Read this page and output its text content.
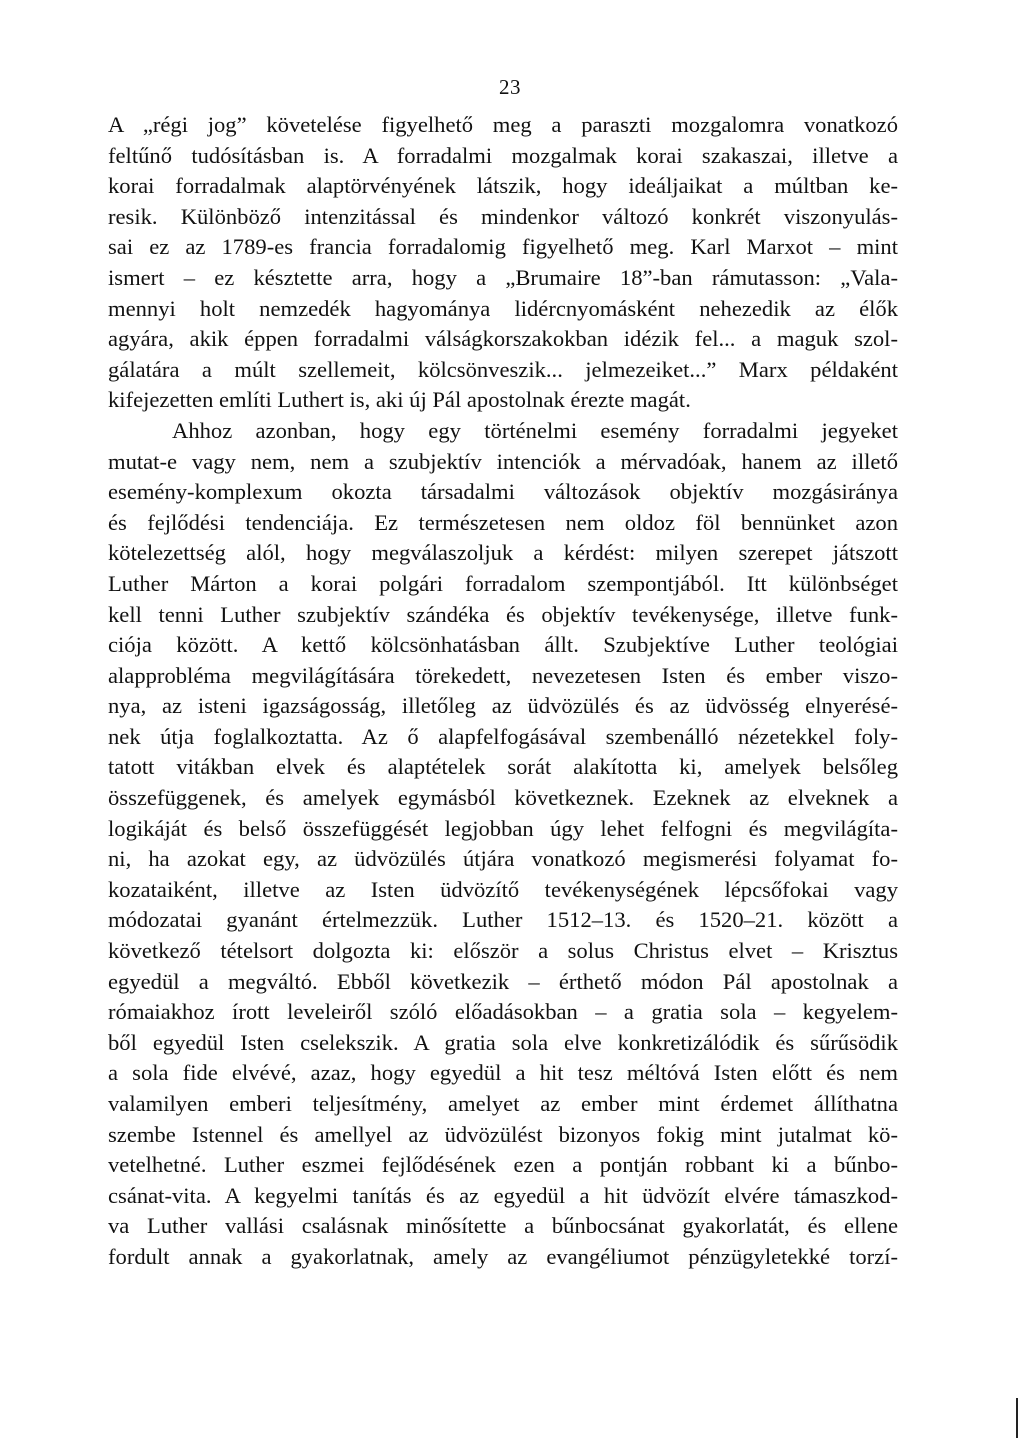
23
A „régi jog” követelése figyelhető meg a paraszti mozgalomra vonatkozó
feltűnő tudósításban is. A forradalmi mozgalmak korai szakaszai, illetve a
korai forradalmak alaptörvényének látszik, hogy ideáljaikat a múltban ke-
resik. Különböző intenzitással és mindenkor változó konkrét viszonyulás-
sai ez az 1789-es francia forradalomig figyelhető meg. Karl Marxot – mint
ismert – ez késztette arra, hogy a „Brumaire 18”-ban rámutasson: „Vala-
mennyi holt nemzedék hagyománya lidércnyomásként nehezedik az élők
agyára, akik éppen forradalmi válságkorszakokban idézik fel... a maguk szol-
gálatára a múlt szellemeit, kölcsönveszik... jelmezeiket...” Marx példaként
kifejezetten említi Luthert is, aki új Pál apostolnak érezte magát.
Ahhoz azonban, hogy egy történelmi esemény forradalmi jegyeket
mutat-e vagy nem, nem a szubjektív intenciók a mérvadóak, hanem az illető
esemény-komplexum okozta társadalmi változások objektív mozgásiránya
és fejlődési tendenciája. Ez természetesen nem oldoz föl bennünket azon
kötelezettség alól, hogy megválaszoljuk a kérdést: milyen szerepet játszott
Luther Márton a korai polgári forradalom szempontjából. Itt különbséget
kell tenni Luther szubjektív szándéka és objektív tevékenysége, illetve funk-
ciója között. A kettő kölcsönhatásban állt. Szubjektíve Luther teológiai
alapprobléma megvilágítására törekedett, nevezetesen Isten és ember viszo-
nya, az isteni igazságosság, illetőleg az üdvözülés és az üdvösség elnyerésé-
nek útja foglalkoztatta. Az ő alapfelfogásával szembenálló nézetekkel foly-
tatott vitákban elvek és alaptételek sorát alakította ki, amelyek belsőleg
összefüggenek, és amelyek egymásból következnek. Ezeknek az elveknek a
logikáját és belső összefüggését legjobban úgy lehet felfogni és megvilágíta-
ni, ha azokat egy, az üdvözülés útjára vonatkozó megismerési folyamat fo-
kozataiként, illetve az Isten üdvözítő tevékenységének lépcsőfokai vagy
módozatai gyanánt értelmezzük. Luther 1512–13. és 1520–21. között a
következő tételsort dolgozta ki: először a solus Christus elvet – Krisztus
egyedül a megváltó. Ebből következik – érthető módon Pál apostolnak a
rómaiakhoz írott leveleiről szóló előadásokban – a gratia sola – kegyelem-
ből egyedül Isten cselekszik. A gratia sola elve konkretizálódik és sűrűsödik
a sola fide elvévé, azaz, hogy egyedül a hit tesz méltóvá Isten előtt és nem
valamilyen emberi teljesítmény, amelyet az ember mint érdemet állíthatna
szembe Istennel és amellyel az üdvözülést bizonyos fokig mint jutalmat kö-
vetelhetné. Luther eszmei fejlődésének ezen a pontján robbant ki a bűnbo-
csánat-vita. A kegyelmi tanítás és az egyedül a hit üdvözít elvére támaszkod-
va Luther vallási csalásnak minősítette a bűnbocsánat gyakorlatát, és ellene
fordult annak a gyakorlatnak, amely az evangéliumot pénzügyletekké torzí-
